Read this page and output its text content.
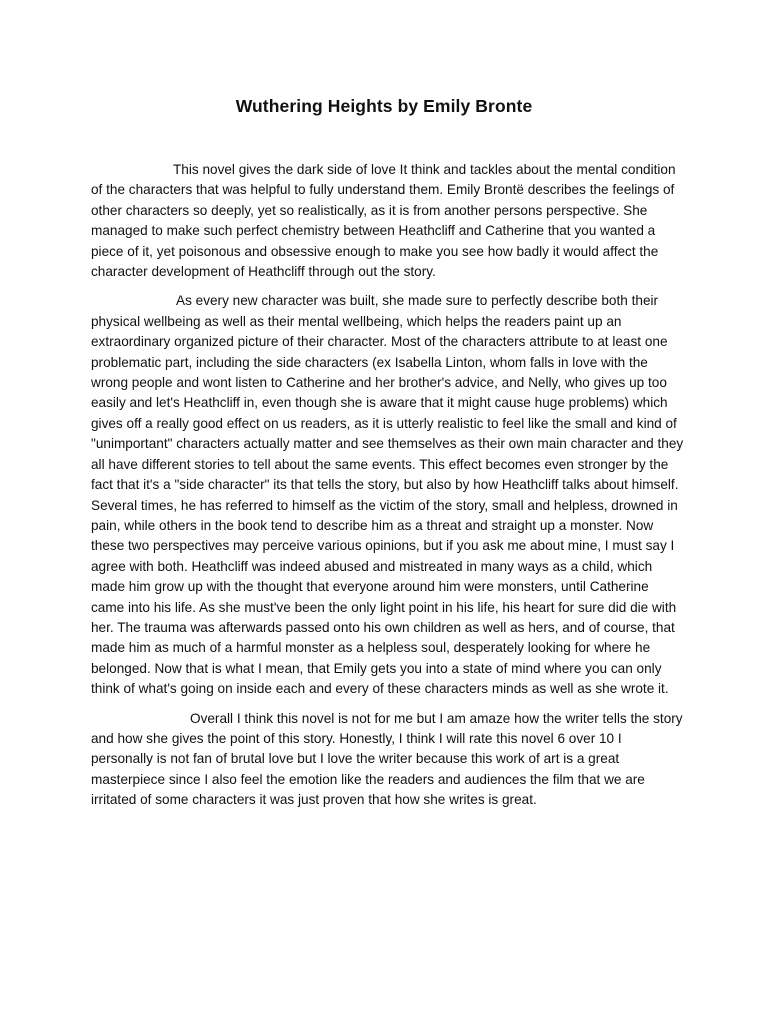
Wuthering Heights by Emily Bronte

This novel gives the dark side of love It think and tackles about the mental condition of the characters that was helpful to fully understand them. Emily Brontë describes the feelings of other characters so deeply, yet so realistically, as it is from another persons perspective. She managed to make such perfect chemistry between Heathcliff and Catherine that you wanted a piece of it, yet poisonous and obsessive enough to make you see how badly it would affect the character development of Heathcliff through out the story.

As every new character was built, she made sure to perfectly describe both their physical wellbeing as well as their mental wellbeing, which helps the readers paint up an extraordinary organized picture of their character. Most of the characters attribute to at least one problematic part, including the side characters (ex Isabella Linton, whom falls in love with the wrong people and wont listen to Catherine and her brother's advice, and Nelly, who gives up too easily and let's Heathcliff in, even though she is aware that it might cause huge problems) which gives off a really good effect on us readers, as it is utterly realistic to feel like the small and kind of "unimportant" characters actually matter and see themselves as their own main character and they all have different stories to tell about the same events. This effect becomes even stronger by the fact that it's a "side character" its that tells the story, but also by how Heathcliff talks about himself. Several times, he has referred to himself as the victim of the story, small and helpless, drowned in pain, while others in the book tend to describe him as a threat and straight up a monster. Now these two perspectives may perceive various opinions, but if you ask me about mine, I must say I agree with both. Heathcliff was indeed abused and mistreated in many ways as a child, which made him grow up with the thought that everyone around him were monsters, until Catherine came into his life. As she must've been the only light point in his life, his heart for sure did die with her. The trauma was afterwards passed onto his own children as well as hers, and of course, that made him as much of a harmful monster as a helpless soul, desperately looking for where he belonged. Now that is what I mean, that Emily gets you into a state of mind where you can only think of what's going on inside each and every of these characters minds as well as she wrote it.

Overall I think this novel is not for me but I am amaze how the writer tells the story and how she gives the point of this story. Honestly, I think I will rate this novel 6 over 10 I personally is not fan of brutal love but I love the writer because this work of art is a great masterpiece since I also feel the emotion like the readers and audiences the film that we are irritated of some characters it was just proven that how she writes is great.
